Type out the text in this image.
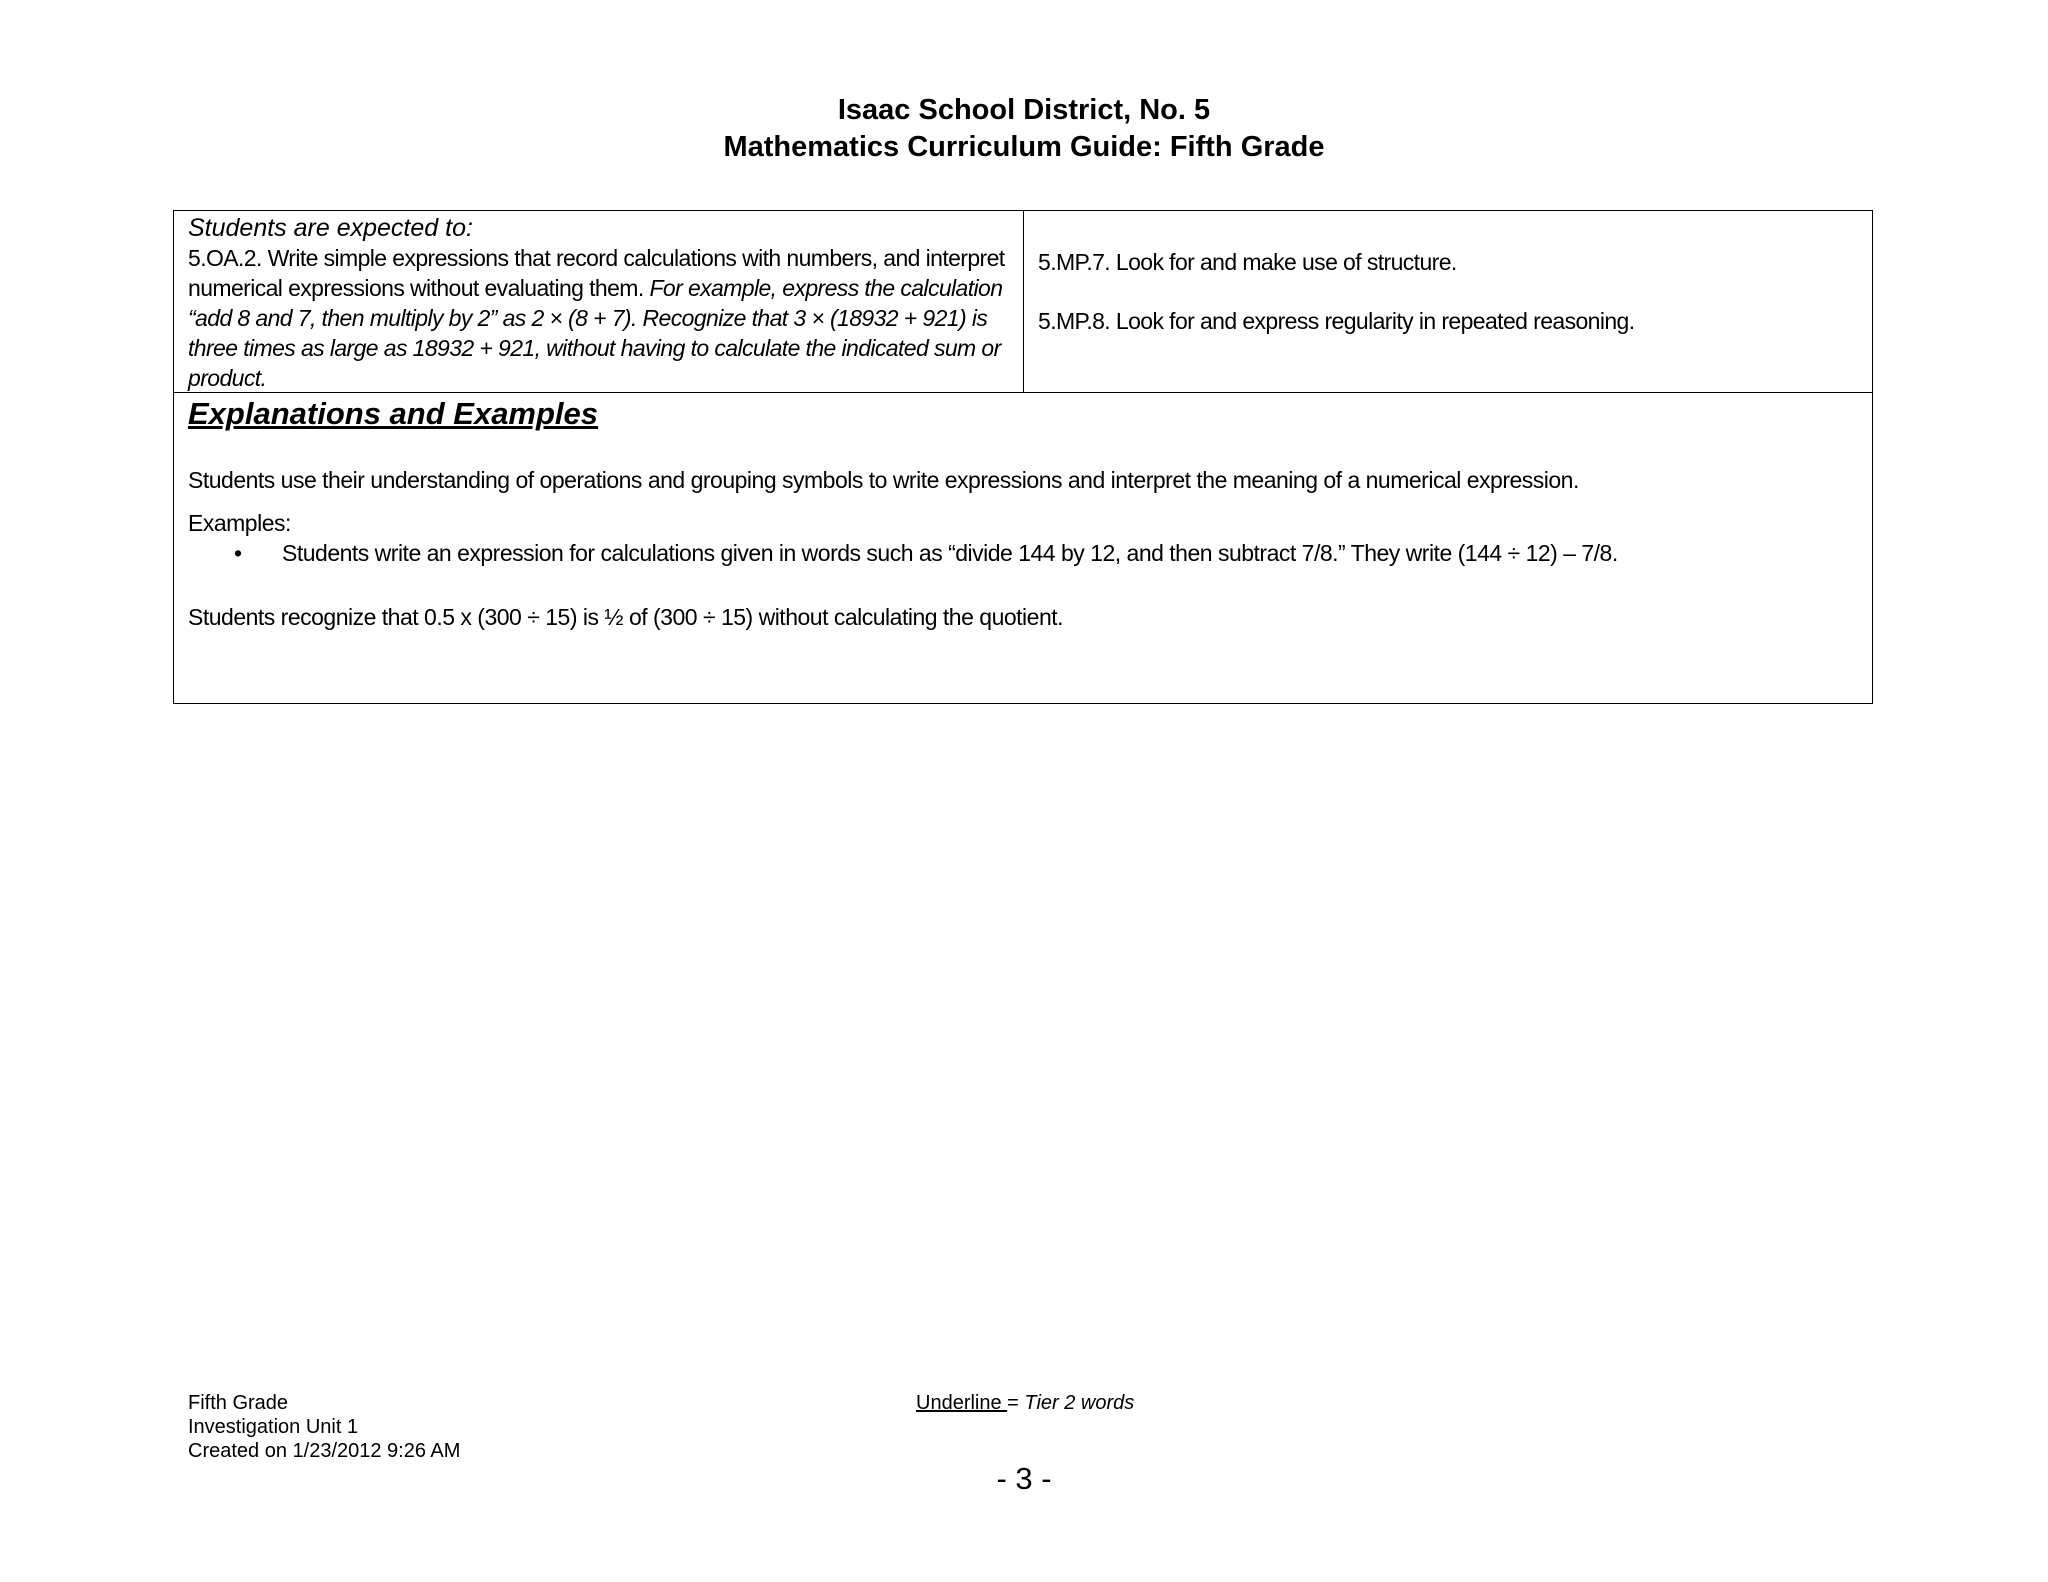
Isaac School District, No. 5
Mathematics Curriculum Guide: Fifth Grade
Students are expected to:
5.OA.2. Write simple expressions that record calculations with numbers, and interpret numerical expressions without evaluating them. For example, express the calculation “add 8 and 7, then multiply by 2” as 2 × (8 + 7). Recognize that 3 × (18932 + 921) is three times as large as 18932 + 921, without having to calculate the indicated sum or product.
5.MP.7. Look for and make use of structure.
5.MP.8. Look for and express regularity in repeated reasoning.
Explanations and Examples
Students use their understanding of operations and grouping symbols to write expressions and interpret the meaning of a numerical expression.
Examples:
• Students write an expression for calculations given in words such as “divide 144 by 12, and then subtract 7/8.” They write (144 ÷ 12) – 7/8.
Students recognize that 0.5 x (300 ÷ 15) is ½ of (300 ÷ 15) without calculating the quotient.
Fifth Grade
Investigation Unit 1
Created on 1/23/2012 9:26 AM
Underline = Tier 2 words
- 3 -
